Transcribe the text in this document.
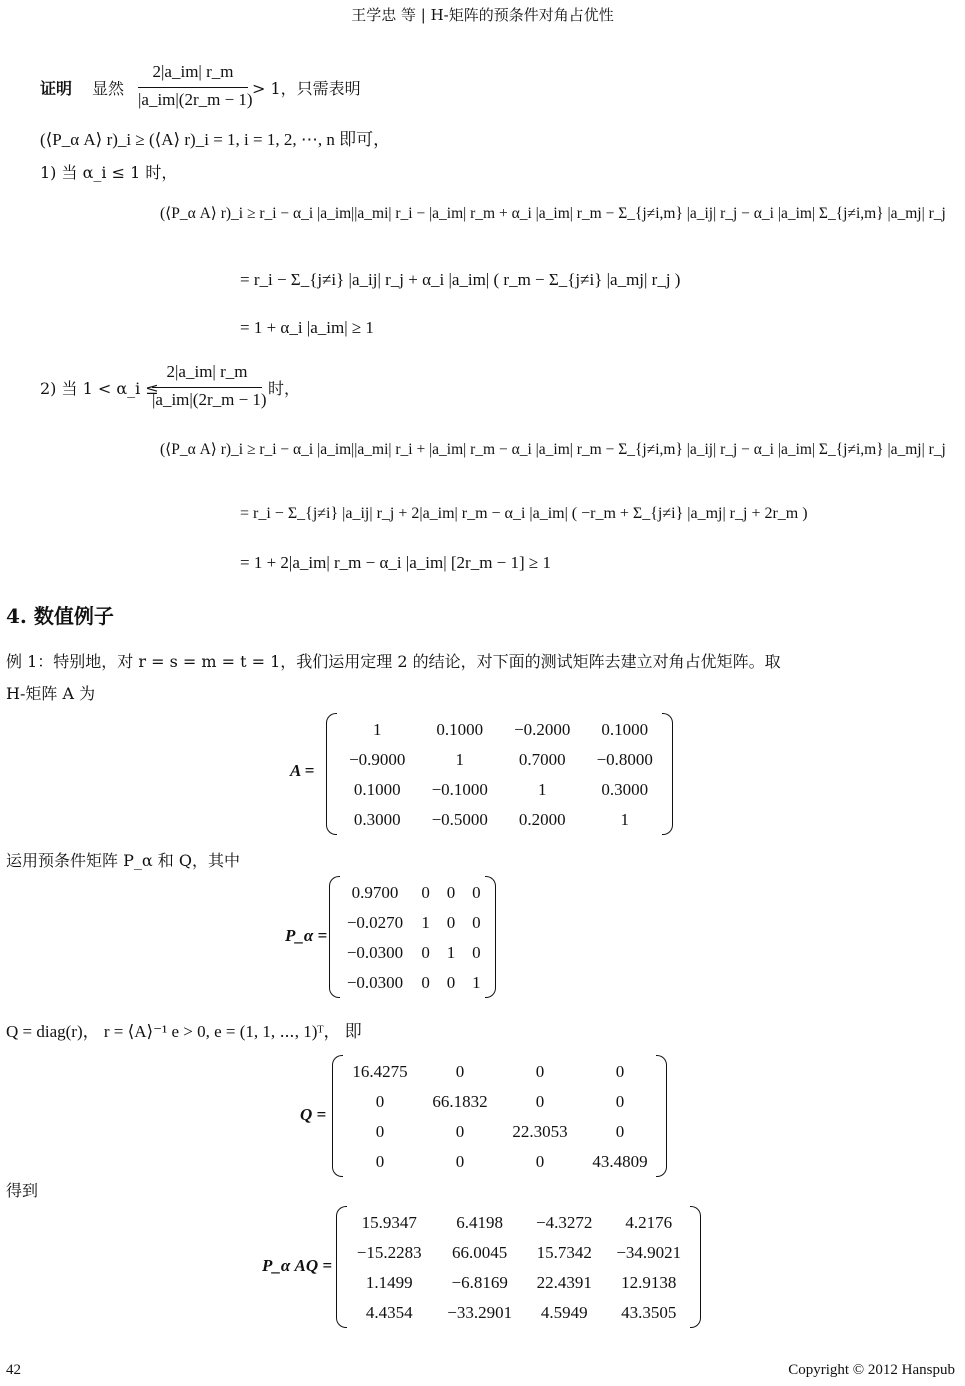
王学忠 等 | H-矩阵的预条件对角占优性
证明 显然
2|a_im| r_m
|a_im|(2r_m − 1)
> 1，只需表明
(⟨P_α A⟩ r)_i ≥ (⟨A⟩ r)_i = 1, i = 1, 2, ⋯, n 即可，
1) 当 α_i ≤ 1 时，
(⟨P_α A⟩ r)_i ≥ r_i − α_i |a_im||a_mi| r_i − |a_im| r_m + α_i |a_im| r_m − Σ_{j≠i,m} |a_ij| r_j − α_i |a_im| Σ_{j≠i,m} |a_mj| r_j
= r_i − Σ_{j≠i} |a_ij| r_j + α_i |a_im| ( r_m − Σ_{j≠i} |a_mj| r_j )
= 1 + α_i |a_im| ≥ 1
2) 当 1 < α_i ≤
2|a_im| r_m
|a_im|(2r_m − 1)
时，
(⟨P_α A⟩ r)_i ≥ r_i − α_i |a_im||a_mi| r_i + |a_im| r_m − α_i |a_im| r_m − Σ_{j≠i,m} |a_ij| r_j − α_i |a_im| Σ_{j≠i,m} |a_mj| r_j
= r_i − Σ_{j≠i} |a_ij| r_j + 2|a_im| r_m − α_i |a_im| ( −r_m + Σ_{j≠i} |a_mj| r_j + 2r_m )
= 1 + 2|a_im| r_m − α_i |a_im| [2r_m − 1] ≥ 1
4. 数值例子
例 1：特别地，对 r = s = m = t = 1，我们运用定理 2 的结论，对下面的测试矩阵去建立对角占优矩阵。取
H-矩阵 A 为
A =
1	0.1000	−0.2000	0.1000
−0.9000	1	0.7000	−0.8000
0.1000	−0.1000	1	0.3000
0.3000	−0.5000	0.2000	1
运用预条件矩阵 P_α 和 Q，其中
P_α =
0.9700	0	0	0
−0.0270	1	0	0
−0.0300	0	1	0
−0.0300	0	0	1
Q = diag(r)， r = ⟨A⟩⁻¹ e > 0, e = (1, 1, ⋯, 1)ᵀ， 即
Q =
16.4275	0	0	0
0	66.1832	0	0
0	0	22.3053	0
0	0	0	43.4809
得到
P_α AQ =
15.9347	6.4198	−4.3272	4.2176
−15.2283	66.0045	15.7342	−34.9021
1.1499	−6.8169	22.4391	12.9138
4.4354	−33.2901	4.5949	43.3505
42	Copyright © 2012 Hanspub
